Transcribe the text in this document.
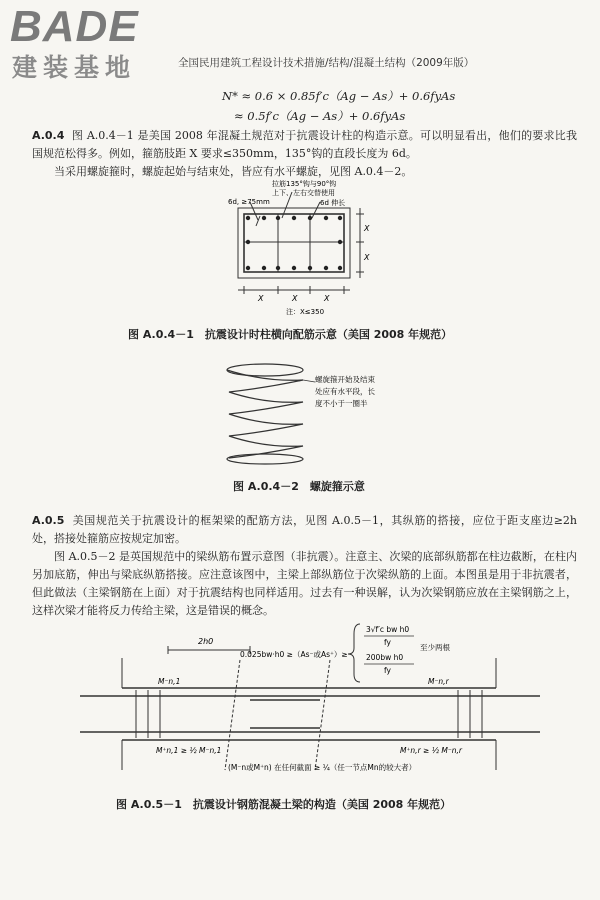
BADE
建装基地	全国民用建筑工程设计技术措施/结构/混凝土结构（2009年版）
N* ≈ 0.6 × 0.85f′c（Ag − As）+ 0.6fyAs
≈ 0.5f′c（Ag − As）+ 0.6fyAs
A.0.4 图 A.0.4－1 是美国 2008 年混凝土规范对于抗震设计柱的构造示意。可以明显看出，他们的要求比我国规范松得多。例如，箍筋肢距 X 要求≤350mm，135°钩的直段长度为 6d。
当采用螺旋箍时，螺旋起始与结束处，皆应有水平螺旋，见图 A.0.4－2。
拉筋135°钩与90°钩
上下、左右交替使用
6d, ≥75mm	6d 伸长
X
X
X	X	X
注：X≤350
图 A.0.4－1　抗震设计时柱横向配筋示意（美国 2008 年规范）
螺旋箍开始及结束
处应有水平段，长
度不小于一圈半
图 A.0.4－2　螺旋箍示意
A.0.5 美国规范关于抗震设计的框架梁的配筋方法，见图 A.0.5－1，其纵筋的搭接，应位于距支座边≥2h 处，搭接处箍筋应按规定加密。
图 A.0.5－2 是英国规范中的梁纵筋布置示意图（非抗震）。注意主、次梁的底部纵筋都在柱边截断，在柱内另加底筋，伸出与梁底纵筋搭接。应注意该图中，主梁上部纵筋位于次梁纵筋的上面。本图虽是用于非抗震者，但此做法（主梁钢筋在上面）对于抗震结构也同样适用。过去有一种误解，认为次梁钢筋应放在主梁钢筋之上，这样次梁才能将反力传给主梁，这是错误的概念。
2h0
0.025bw·h0 ≥（As⁻或As⁺）≥
3√f′c bw h0
fy
200bw h0
fy
至少两根
M⁻n,1	M⁻n,r
M⁺n,1 ≥ ½ M⁻n,1	M⁺n,r ≥ ½ M⁻n,r
(M⁻n或M⁺n) 在任何截面 ≥ ¼（任一节点Mn的较大者）
图 A.0.5－1　抗震设计钢筋混凝土梁的构造（美国 2008 年规范）
